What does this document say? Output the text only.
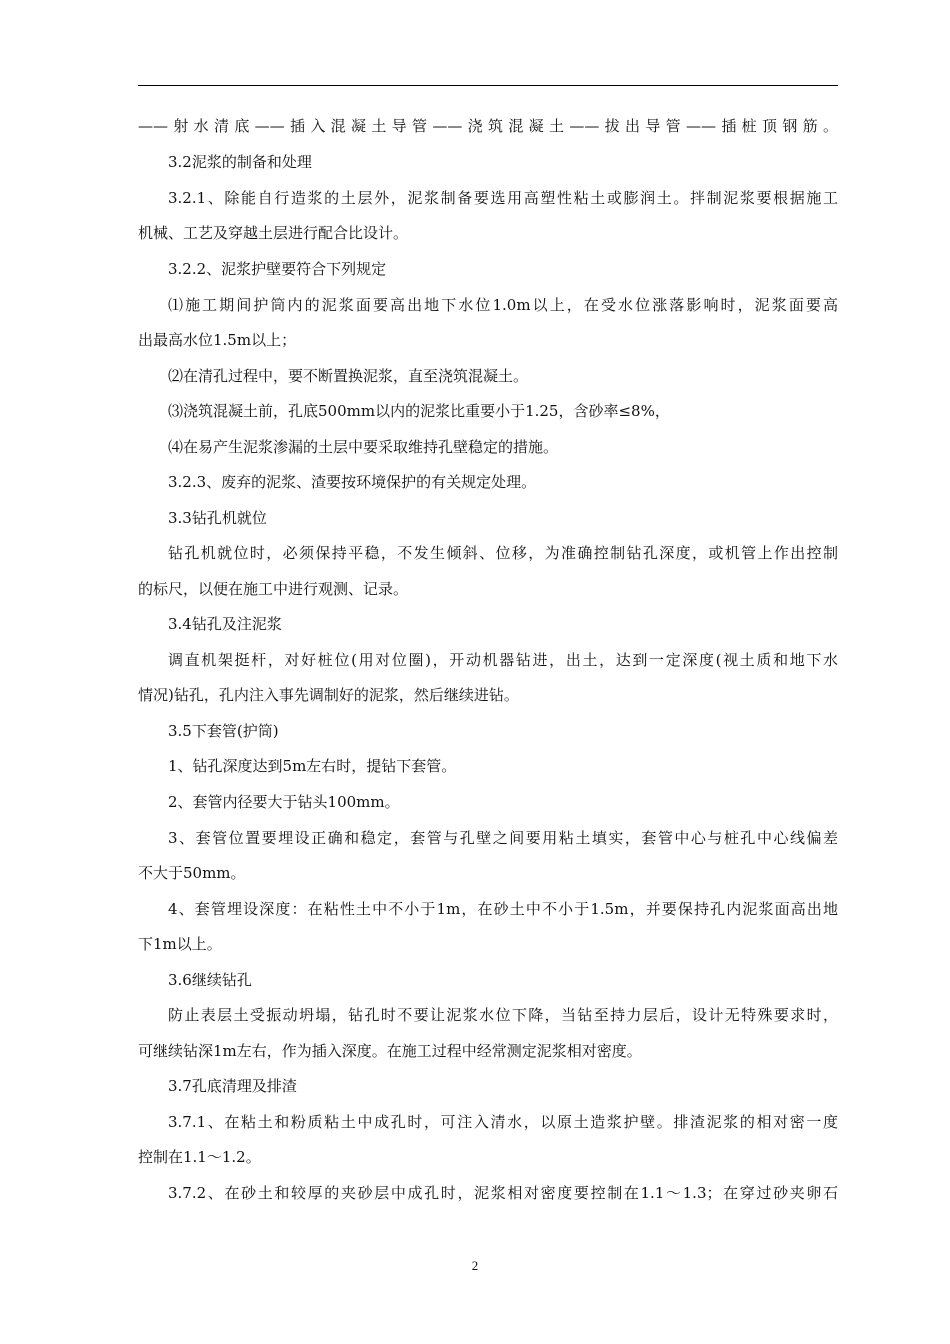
——射水清底——插入混凝土导管——浇筑混凝土——拔出导管——插桩顶钢筋。
3.2泥浆的制备和处理
3.2.1、除能自行造浆的土层外，泥浆制备要选用高塑性粘土或膨润土。拌制泥浆要根据施工
机械、工艺及穿越土层进行配合比设计。
3.2.2、泥浆护壁要符合下列规定
⑴施工期间护筒内的泥浆面要高出地下水位1.0m以上，在受水位涨落影响时，泥浆面要高
出最高水位1.5m以上；
⑵在清孔过程中，要不断置换泥浆，直至浇筑混凝土。
⑶浇筑混凝土前，孔底500mm以内的泥浆比重要小于1.25，含砂率≤8%，
⑷在易产生泥浆渗漏的土层中要采取维持孔壁稳定的措施。
3.2.3、废弃的泥浆、渣要按环境保护的有关规定处理。
3.3钻孔机就位
钻孔机就位时，必须保持平稳，不发生倾斜、位移，为准确控制钻孔深度，或机管上作出控制
的标尺，以便在施工中进行观测、记录。
3.4钻孔及注泥浆
调直机架挺杆，对好桩位(用对位圈)，开动机器钻进，出土，达到一定深度(视土质和地下水
情况)钻孔，孔内注入事先调制好的泥浆，然后继续进钻。
3.5下套管(护筒)
1、钻孔深度达到5m左右时，提钻下套管。
2、套管内径要大于钻头100mm。
3、套管位置要埋设正确和稳定，套管与孔壁之间要用粘土填实，套管中心与桩孔中心线偏差
不大于50mm。
4、套管埋设深度：在粘性土中不小于1m，在砂土中不小于1.5m，并要保持孔内泥浆面高出地
下1m以上。
3.6继续钻孔
防止表层土受振动坍塌，钻孔时不要让泥浆水位下降，当钻至持力层后，设计无特殊要求时，
可继续钻深1m左右，作为插入深度。在施工过程中经常测定泥浆相对密度。
3.7孔底清理及排渣
3.7.1、在粘土和粉质粘土中成孔时，可注入清水，以原土造浆护壁。排渣泥浆的相对密一度
控制在1.1～1.2。
3.7.2、在砂土和较厚的夹砂层中成孔时，泥浆相对密度要控制在1.1～1.3；在穿过砂夹卵石
2
